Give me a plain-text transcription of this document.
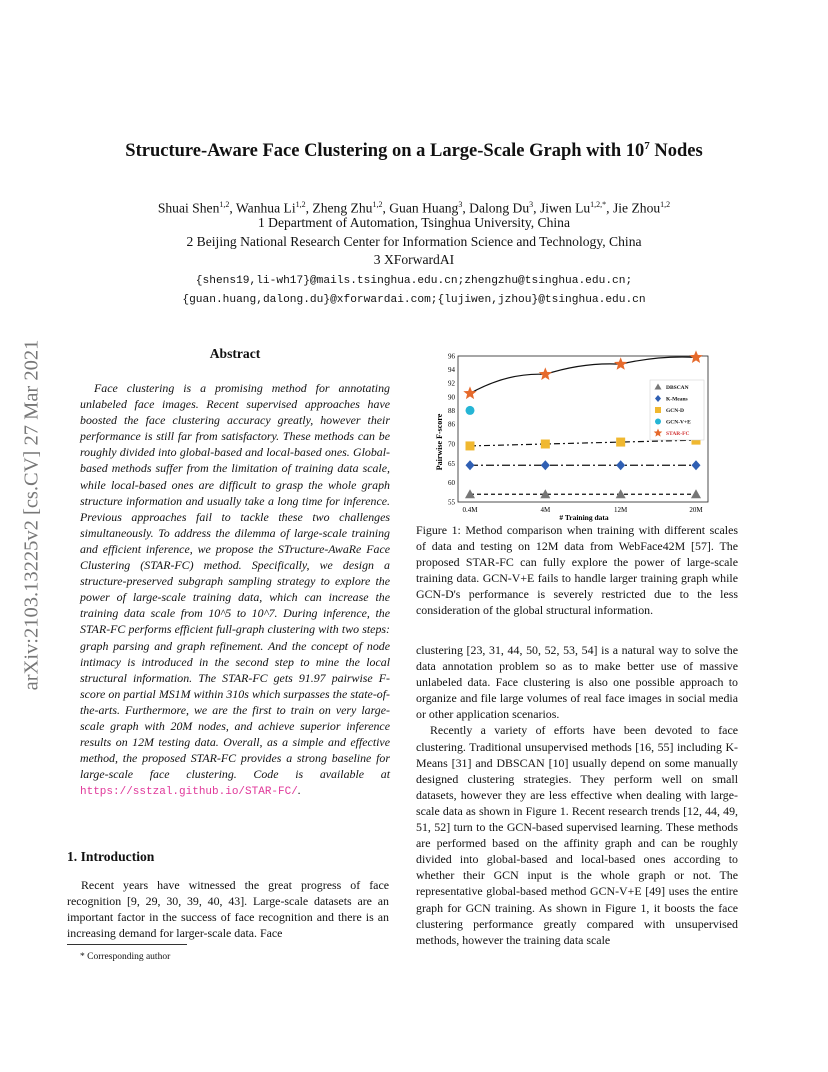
arXiv:2103.13225v2 [cs.CV] 27 Mar 2021
Structure-Aware Face Clustering on a Large-Scale Graph with $10^7$ Nodes
Shuai Shen$^{1,2}$, Wanhua Li$^{1,2}$, Zheng Zhu$^{1,2}$, Guan Huang$^3$, Dalong Du$^3$, Jiwen $Lu^{1,2,*}$, Jie Zhou$^{1,2}$
1 Department of Automation, Tsinghua University, China
2 Beijing National Research Center for Information Science and Technology, China
3 XForwardAI
{shens19,li-wh17}@mails.tsinghua.edu.cn;zhengzhu@tsinghua.edu.cn;
{guan.huang,dalong.du}@xforwardai.com;{lujiwen,jzhou}@tsinghua.edu.cn
Abstract

Face clustering is a promising method for annotating unlabeled face images. Recent supervised approaches have boosted the face clustering accuracy greatly, however their performance is still far from satisfactory. These methods can be roughly divided into global-based and local-based ones. Global-based methods suffer from the limitation of training data scale, while local-based ones are difficult to grasp the whole graph structure information and usually take a long time for inference. Previous approaches fail to tackle these two challenges simultaneously. To address the dilemma of large-scale training and efficient inference, we propose the STructure-AwaRe Face Clustering (STAR-FC) method. Specifically, we design a structure-preserved subgraph sampling strategy to explore the power of large-scale training data, which can increase the training data scale from 10^5 to 10^7. During inference, the STAR-FC performs efficient full-graph clustering with two steps: graph parsing and graph refinement. And the concept of node intimacy is introduced in the second step to mine the local structural information. The STAR-FC gets 91.97 pairwise F-score on partial MS1M within 310s which surpasses the state-of-the-arts. Furthermore, we are the first to train on very large-scale graph with 20M nodes, and achieve superior inference results on 12M testing data. Overall, as a simple and effective method, the proposed STAR-FC provides a strong baseline for large-scale face clustering. Code is available at https://sstzal.github.io/STAR-FC/.

1. Introduction

Recent years have witnessed the great progress of face recognition [9, 29, 30, 39, 40, 43]. Large-scale datasets are an important factor in the success of face recognition and there is an increasing demand for larger-scale data. Face

* Corresponding author
55
60
65
70
86
88
90
92
94
96
0.4M	4M	12M	20M
DBSCAN
K-Means
GCN-D
GCN-V+E
STAR-FC
Pairwise F-score
# Training data

Figure 1: Method comparison when training with different scales of data and testing on 12M data from WebFace42M [57]. The proposed STAR-FC can fully explore the power of large-scale training data. GCN-V+E fails to handle larger training graph while GCN-D's performance is severely restricted due to the less consideration of the global structural information.

clustering [23, 31, 44, 50, 52, 53, 54] is a natural way to solve the data annotation problem so as to make better use of massive unlabeled data. Face clustering is also one possible approach to organize and file large volumes of real face images in social media or other application scenarios.

Recently a variety of efforts have been devoted to face clustering. Traditional unsupervised methods [16, 55] including K-Means [31] and DBSCAN [10] usually depend on some manually designed clustering strategies. They perform well on small datasets, however they are less effective when dealing with large-scale data as shown in Figure 1. Recent research trends [12, 44, 49, 51, 52] turn to the GCN-based supervised learning. These methods are performed based on the affinity graph and can be roughly divided into global-based and local-based ones according to whether their GCN input is the whole graph or not. The representative global-based method GCN-V+E [49] uses the entire graph for GCN training. As shown in Figure 1, it boosts the face clustering performance greatly compared with unsupervised methods, however the training data scale
